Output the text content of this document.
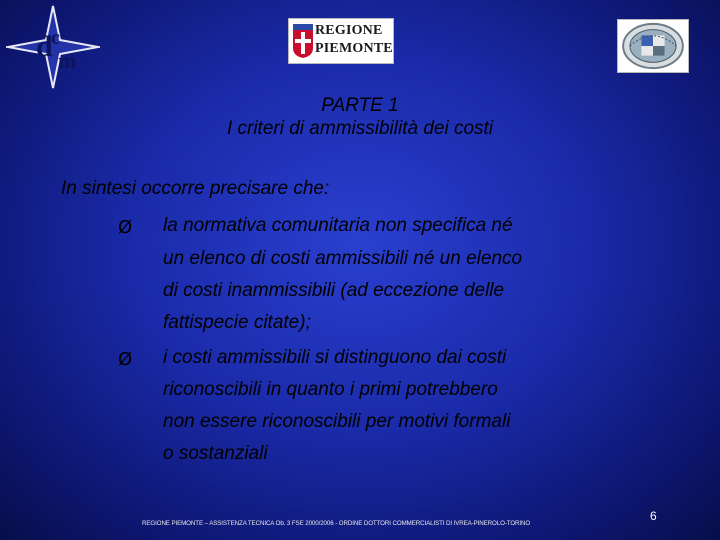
d
c
m
REGIONE
PIEMONTE
PARTE 1
I criteri di ammissibilità dei costi
In sintesi occorre precisare che:
Ø la normativa comunitaria non specifica né
un elenco di costi ammissibili né un elenco
di costi inammissibili (ad eccezione delle
fattispecie citate);
Ø i costi ammissibili si distinguono dai costi
riconoscibili in quanto i primi potrebbero
non essere riconoscibili per motivi formali
o sostanziali
REGIONE PIEMONTE – ASSISTENZA TECNICA Ob. 3 FSE 2000/2006 - ORDINE DOTTORI COMMERCIALISTI DI IVREA-PINEROLO-TORINO
6
